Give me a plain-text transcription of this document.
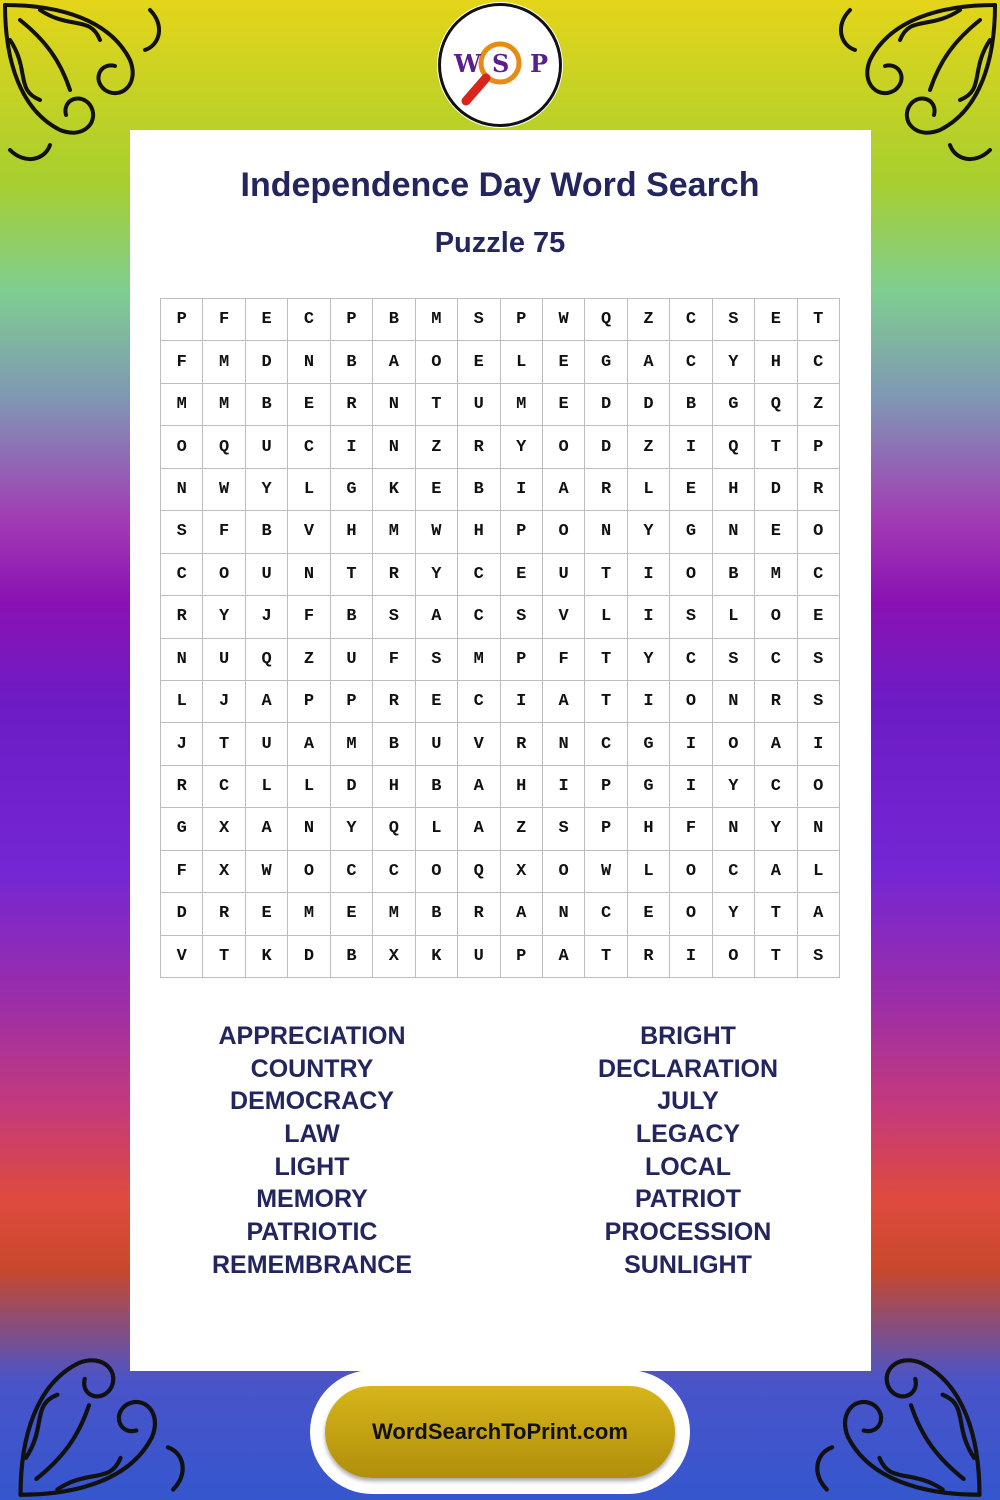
W S P
Independence Day Word Search
Puzzle 75
P	F	E	C	P	B	M	S	P	W	Q	Z	C	S	E	T
F	M	D	N	B	A	O	E	L	E	G	A	C	Y	H	C
M	M	B	E	R	N	T	U	M	E	D	D	B	G	Q	Z
O	Q	U	C	I	N	Z	R	Y	O	D	Z	I	Q	T	P
N	W	Y	L	G	K	E	B	I	A	R	L	E	H	D	R
S	F	B	V	H	M	W	H	P	O	N	Y	G	N	E	O
C	O	U	N	T	R	Y	C	E	U	T	I	O	B	M	C
R	Y	J	F	B	S	A	C	S	V	L	I	S	L	O	E
N	U	Q	Z	U	F	S	M	P	F	T	Y	C	S	C	S
L	J	A	P	P	R	E	C	I	A	T	I	O	N	R	S
J	T	U	A	M	B	U	V	R	N	C	G	I	O	A	I
R	C	L	L	D	H	B	A	H	I	P	G	I	Y	C	O
G	X	A	N	Y	Q	L	A	Z	S	P	H	F	N	Y	N
F	X	W	O	C	C	O	Q	X	O	W	L	O	C	A	L
D	R	E	M	E	M	B	R	A	N	C	E	O	Y	T	A
V	T	K	D	B	X	K	U	P	A	T	R	I	O	T	S
APPRECIATION
COUNTRY
DEMOCRACY
LAW
LIGHT
MEMORY
PATRIOTIC
REMEMBRANCE
BRIGHT
DECLARATION
JULY
LEGACY
LOCAL
PATRIOT
PROCESSION
SUNLIGHT
WordSearchToPrint.com
